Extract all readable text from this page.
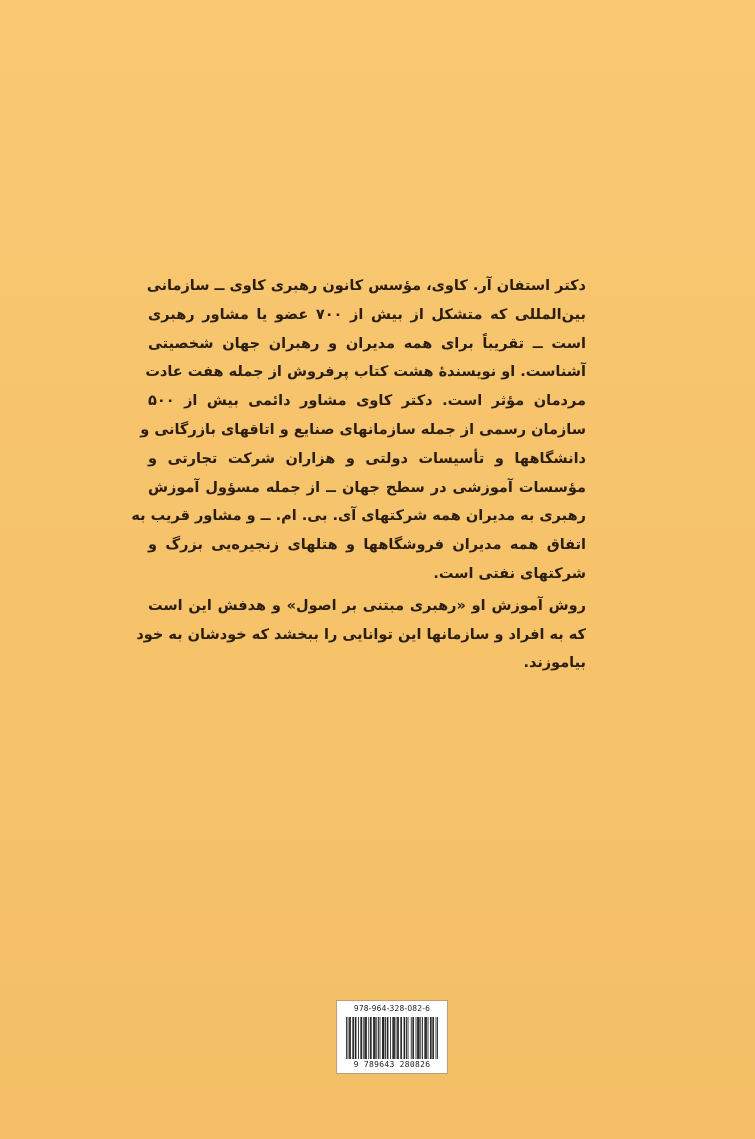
دکتر استفان آر. کاوی، مؤسس کانون رهبری کاوی ــ سازمانی
بین‌المللی که متشکل از بیش از ۷۰۰ عضو یا مشاور رهبری
است ــ تقریباً برای همه مدیران و رهبران جهان شخصیتی
آشناست. او نویسندهٔ هشت کتاب پرفروش از جمله هفت عادت
مردمان مؤثر است. دکتر کاوی مشاور دائمی بیش از ۵۰۰
سازمان رسمی از جمله سازمانهای صنایع و اتاقهای بازرگانی و
دانشگاهها و تأسیسات دولتی و هزاران شرکت تجارتی و
مؤسسات آموزشی در سطح جهان ــ از جمله مسؤول آموزش
رهبری به مدیران همه شرکتهای آی. بی. ام. ــ و مشاور قریب به
اتفاق همه مدیران فروشگاهها و هتلهای زنجیره‌یی بزرگ و
شرکتهای نفتی است.
روش آموزش او «رهبری مبتنی بر اصول» و هدفش این است
که به افراد و سازمانها این توانایی را ببخشد که خودشان به خود
بیاموزند.
978-964-328-082-6
9 789643 280826
